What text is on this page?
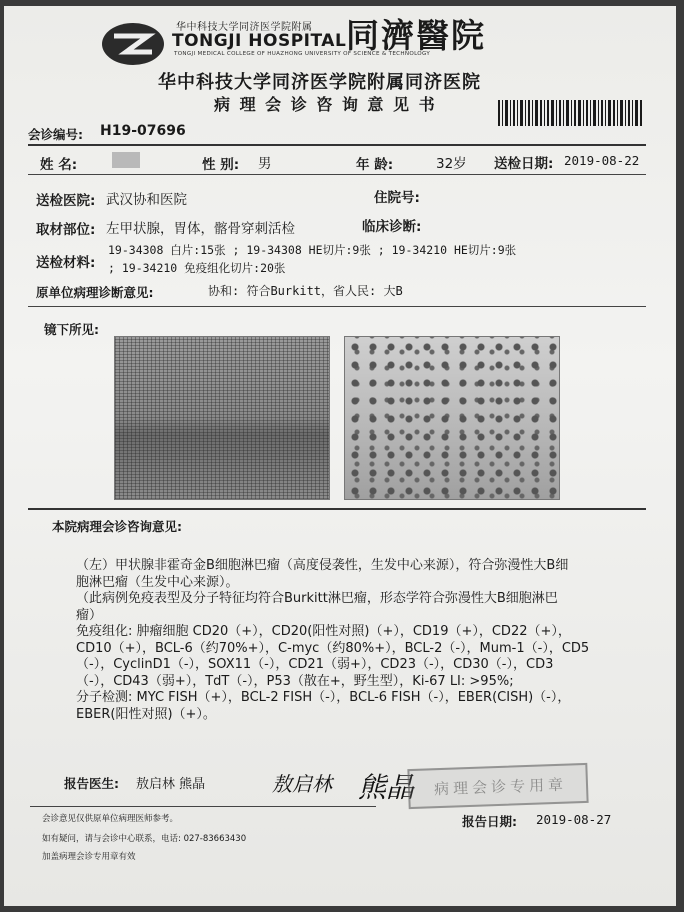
华中科技大学同济医学院附属
TONGJI HOSPITAL 同濟醫院
TONGJI MEDICAL COLLEGE OF HUAZHONG UNIVERSITY OF SCIENCE & TECHNOLOGY
华中科技大学同济医学院附属同济医院
病 理 会 诊 咨 询 意 见 书
会诊编号: H19-07696
姓 名:	性 别: 男	年 龄:	32岁 送检日期: 2019-08-22
送检医院: 武汉协和医院	住院号:
取材部位: 左甲状腺，胃体，髂骨穿刺活检	临床诊断:
送检材料:
19-34308 白片:15张 ; 19-34308 HE切片:9张 ; 19-34210 HE切片:9张
; 19-34210 免疫组化切片:20张
原单位病理诊断意见:	协和: 符合Burkitt，省人民: 大B
镜下所见:
本院病理会诊咨询意见:
（左）甲状腺非霍奇金B细胞淋巴瘤（高度侵袭性，生发中心来源），符合弥漫性大B细
胞淋巴瘤（生发中心来源）。
（此病例免疫表型及分子特征均符合Burkitt淋巴瘤，形态学符合弥漫性大B细胞淋巴
瘤）
免疫组化: 肿瘤细胞 CD20（+），CD20(阳性对照)（+），CD19（+），CD22（+），
CD10（+），BCL-6（约70%+），C-myc（约80%+），BCL-2（-），Mum-1（-），CD5
（-），CyclinD1（-），SOX11（-），CD21（弱+），CD23（-），CD30（-），CD3
（-），CD43（弱+），TdT（-），P53（散在+，野生型），Ki-67 LI: >95%;
分子检测: MYC FISH（+），BCL-2 FISH（-），BCL-6 FISH（-），EBER(CISH)（-），
EBER(阳性对照)（+）。
报告医生: 敖启林 熊晶	敖启林 熊晶 病理会诊专用章
会诊意见仅供原单位病理医师参考。	报告日期: 2019-08-27
如有疑问，请与会诊中心联系，电话: 027-83663430
加盖病理会诊专用章有效
